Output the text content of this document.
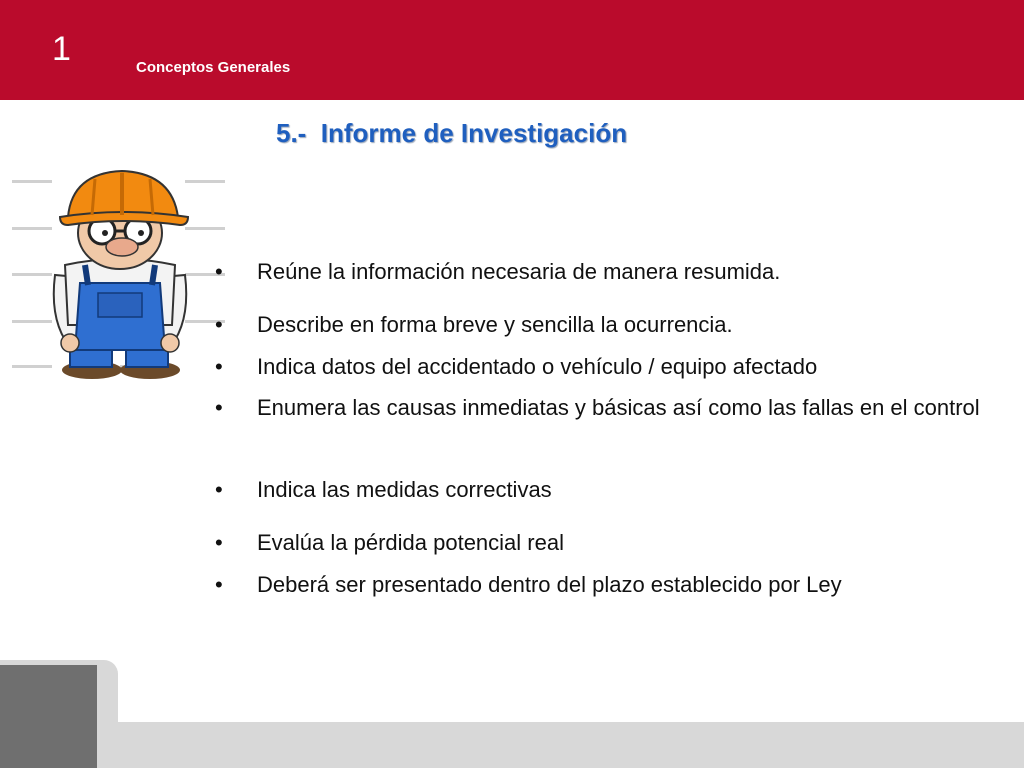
1	Conceptos Generales
5.-  Informe de Investigación
•	Reúne la información necesaria de manera resumida.
•	Describe en forma breve y sencilla la ocurrencia.
•	Indica datos del accidentado o vehículo / equipo afectado
•	Enumera las causas inmediatas y básicas así como las fallas en el control
•	Indica las medidas correctivas
•	Evalúa la pérdida potencial real
•	Deberá ser presentado dentro del plazo establecido por Ley
